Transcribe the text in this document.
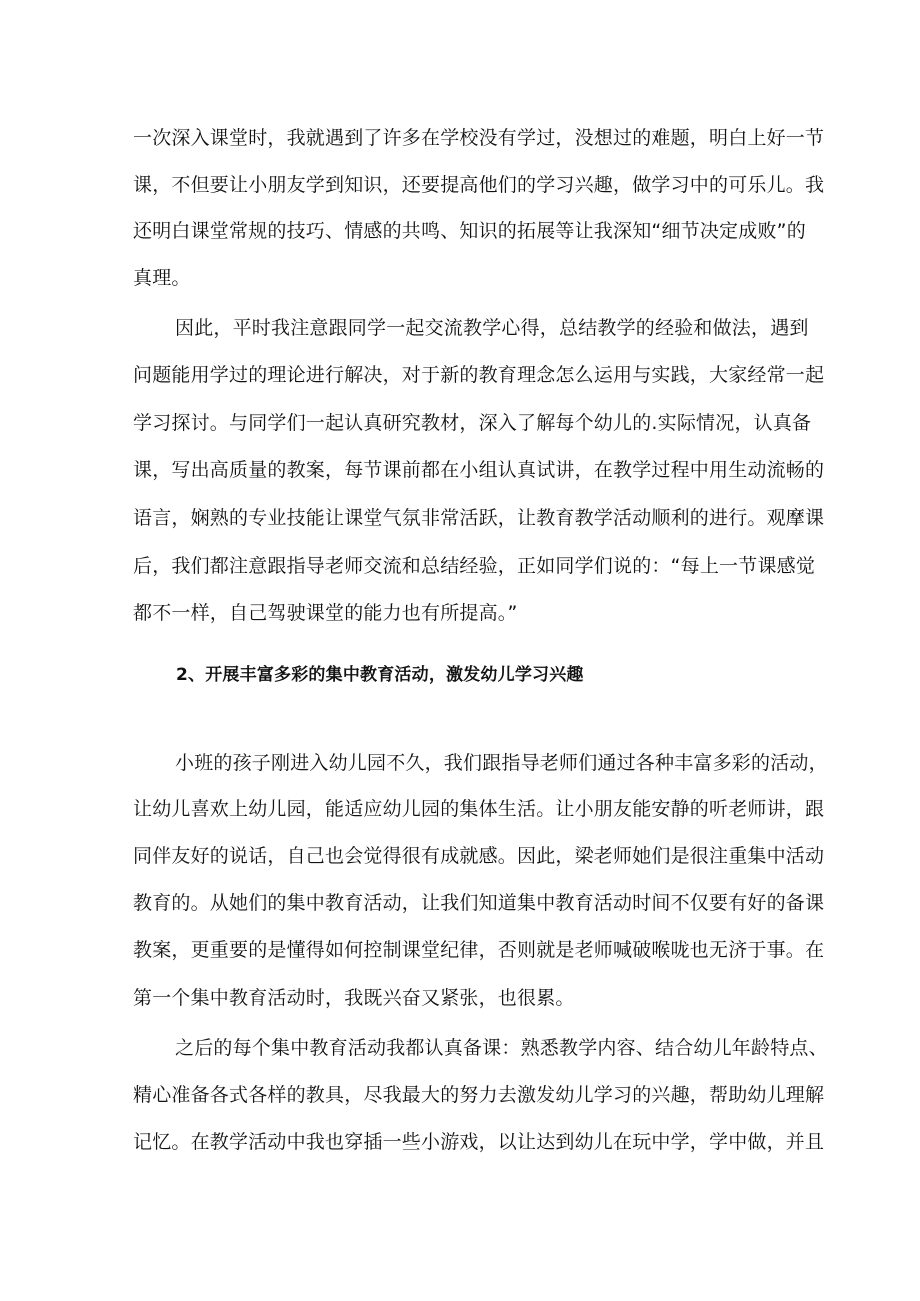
一次深入课堂时，我就遇到了许多在学校没有学过，没想过的难题，明白上好一节
课，不但要让小朋友学到知识，还要提高他们的学习兴趣，做学习中的可乐儿。我
还明白课堂常规的技巧、情感的共鸣、知识的拓展等让我深知“细节决定成败”的
真理。
因此，平时我注意跟同学一起交流教学心得，总结教学的经验和做法，遇到
问题能用学过的理论进行解决，对于新的教育理念怎么运用与实践，大家经常一起
学习探讨。与同学们一起认真研究教材，深入了解每个幼儿的.实际情况，认真备
课，写出高质量的教案，每节课前都在小组认真试讲，在教学过程中用生动流畅的
语言，娴熟的专业技能让课堂气氛非常活跃，让教育教学活动顺利的进行。观摩课
后，我们都注意跟指导老师交流和总结经验，正如同学们说的：“每上一节课感觉
都不一样，自己驾驶课堂的能力也有所提高。”
2、开展丰富多彩的集中教育活动，激发幼儿学习兴趣
小班的孩子刚进入幼儿园不久，我们跟指导老师们通过各种丰富多彩的活动，
让幼儿喜欢上幼儿园，能适应幼儿园的集体生活。让小朋友能安静的听老师讲，跟
同伴友好的说话，自己也会觉得很有成就感。因此，梁老师她们是很注重集中活动
教育的。从她们的集中教育活动，让我们知道集中教育活动时间不仅要有好的备课
教案，更重要的是懂得如何控制课堂纪律，否则就是老师喊破喉咙也无济于事。在
第一个集中教育活动时，我既兴奋又紧张，也很累。
之后的每个集中教育活动我都认真备课：熟悉教学内容、结合幼儿年龄特点、
精心准备各式各样的教具，尽我最大的努力去激发幼儿学习的兴趣，帮助幼儿理解
记忆。在教学活动中我也穿插一些小游戏，以让达到幼儿在玩中学，学中做，并且
